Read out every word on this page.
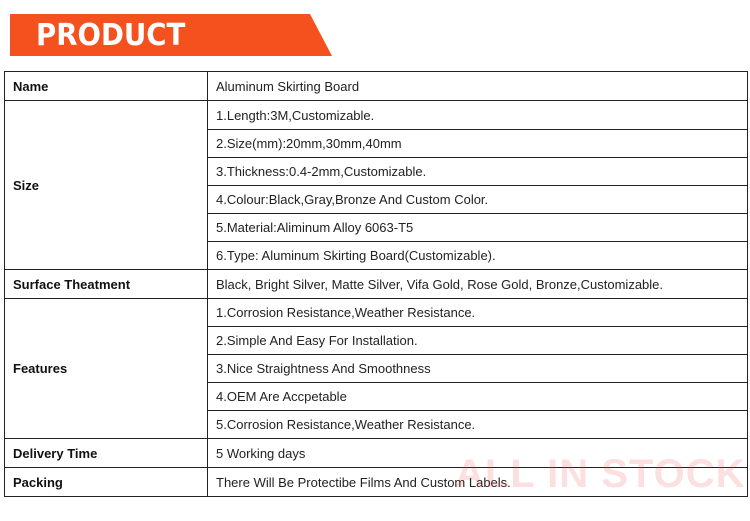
PRODUCT
Name	Aluminum Skirting Board
Size	1.Length:3M,Customizable.
	2.Size(mm):20mm,30mm,40mm
	3.Thickness:0.4-2mm,Customizable.
	4.Colour:Black,Gray,Bronze And Custom Color.
	5.Material:Aliminum Alloy 6063-T5
	6.Type: Aluminum Skirting Board(Customizable).
Surface Theatment	Black, Bright Silver, Matte Silver, Vifa Gold, Rose Gold, Bronze,Customizable.
Features	1.Corrosion Resistance,Weather Resistance.
	2.Simple And Easy For Installation.
	3.Nice Straightness And Smoothness
	4.OEM Are Accpetable
	5.Corrosion Resistance,Weather Resistance.
Delivery Time	5 Working days
Packing	There Will Be Protectibe Films And Custom Labels.
ALL IN STOCK
